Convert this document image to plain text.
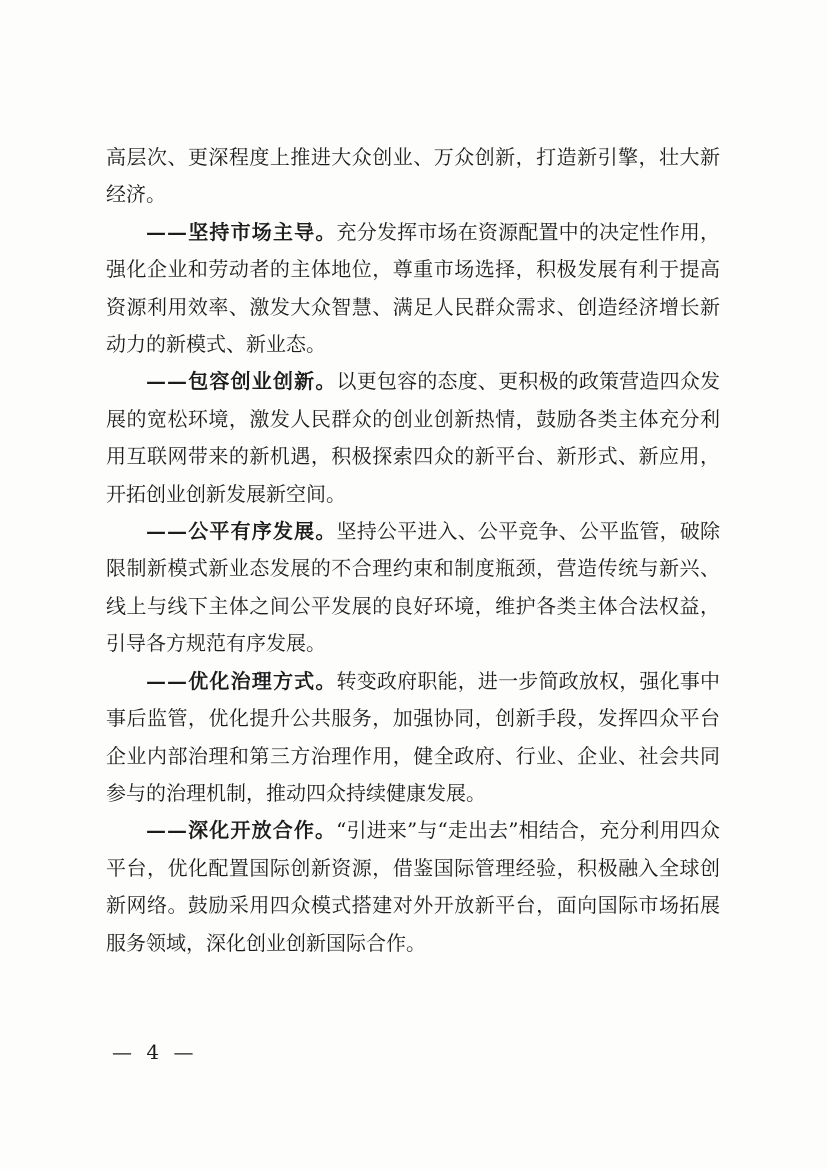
高层次、更深程度上推进大众创业、万众创新，打造新引擎，壮大新经济。

——坚持市场主导。充分发挥市场在资源配置中的决定性作用，强化企业和劳动者的主体地位，尊重市场选择，积极发展有利于提高资源利用效率、激发大众智慧、满足人民群众需求、创造经济增长新动力的新模式、新业态。

——包容创业创新。以更包容的态度、更积极的政策营造四众发展的宽松环境，激发人民群众的创业创新热情，鼓励各类主体充分利用互联网带来的新机遇，积极探索四众的新平台、新形式、新应用，开拓创业创新发展新空间。

——公平有序发展。坚持公平进入、公平竞争、公平监管，破除限制新模式新业态发展的不合理约束和制度瓶颈，营造传统与新兴、线上与线下主体之间公平发展的良好环境，维护各类主体合法权益，引导各方规范有序发展。

——优化治理方式。转变政府职能，进一步简政放权，强化事中事后监管，优化提升公共服务，加强协同，创新手段，发挥四众平台企业内部治理和第三方治理作用，健全政府、行业、企业、社会共同参与的治理机制，推动四众持续健康发展。

——深化开放合作。“引进来”与“走出去”相结合，充分利用四众平台，优化配置国际创新资源，借鉴国际管理经验，积极融入全球创新网络。鼓励采用四众模式搭建对外开放新平台，面向国际市场拓展服务领域，深化创业创新国际合作。

— 4 —
